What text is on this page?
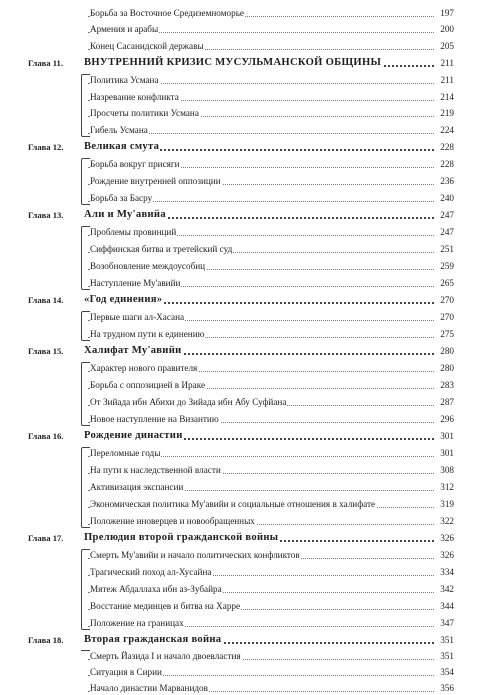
Борьба за Восточное Средиземноморье	197
Армения и арабы	200
Конец Сасанидской державы	205
Глава 11. ВНУТРЕННИЙ КРИЗИС МУСУЛЬМАНСКОЙ ОБЩИНЫ	211
Политика Усмана	211
Назревание конфликта	214
Просчеты политики Усмана	219
Гибель Усмана	224
Глава 12. Великая смута	228
Борьба вокруг присяги	228
Рождение внутренней оппозиции	236
Борьба за Басру	240
Глава 13. Али и Му'авийа	247
Проблемы провинций	247
Сиффинская битва и третейский суд	251
Возобновление междоусобиц	259
Наступление Му'авийи	265
Глава 14. «Год единения»	270
Первые шаги ал-Хасана	270
На трудном пути к единению	275
Глава 15. Халифат Му'авийи	280
Характер нового правителя	280
Борьба с оппозицией в Ираке	283
От Зийада ибн Абихи до Зийада ибн Абу Суфйана	287
Новое наступление на Византию	296
Глава 16. Рождение династии	301
Переломные годы	301
На пути к наследственной власти	308
Активизация экспансии	312
Экономическая политика Му'авийи и социальные отношения в халифате	319
Положение иноверцев и новообращенных	322
Глава 17. Прелюдия второй гражданской войны	326
Смерть Му'авийи и начало политических конфликтов	326
Трагический поход ал-Хусайна	334
Мятеж Абдаллаха ибн аз-Зубайра	342
Восстание мединцев и битва на Харре	344
Положение на границах	347
Глава 18. Вторая гражданская война	351
Смерть Йазида I и начало двоевластия	351
Ситуация в Сирии	354
Начало династии Марванидов	356
